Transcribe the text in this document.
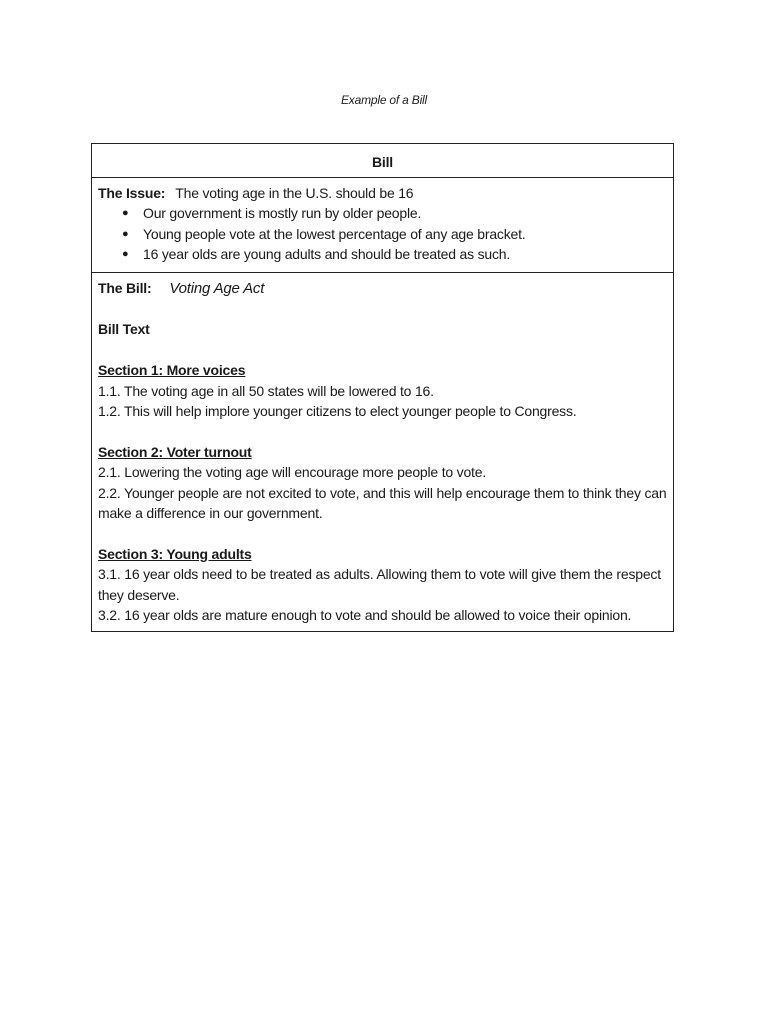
Example of a Bill
Bill
The Issue: The voting age in the U.S. should be 16
● Our government is mostly run by older people.
● Young people vote at the lowest percentage of any age bracket.
● 16 year olds are young adults and should be treated as such.
The Bill: Voting Age Act
Bill Text
Section 1: More voices
1.1. The voting age in all 50 states will be lowered to 16.
1.2. This will help implore younger citizens to elect younger people to Congress.
Section 2: Voter turnout
2.1. Lowering the voting age will encourage more people to vote.
2.2. Younger people are not excited to vote, and this will help encourage them to think they can make a difference in our government.
Section 3: Young adults
3.1. 16 year olds need to be treated as adults. Allowing them to vote will give them the respect they deserve.
3.2. 16 year olds are mature enough to vote and should be allowed to voice their opinion.
